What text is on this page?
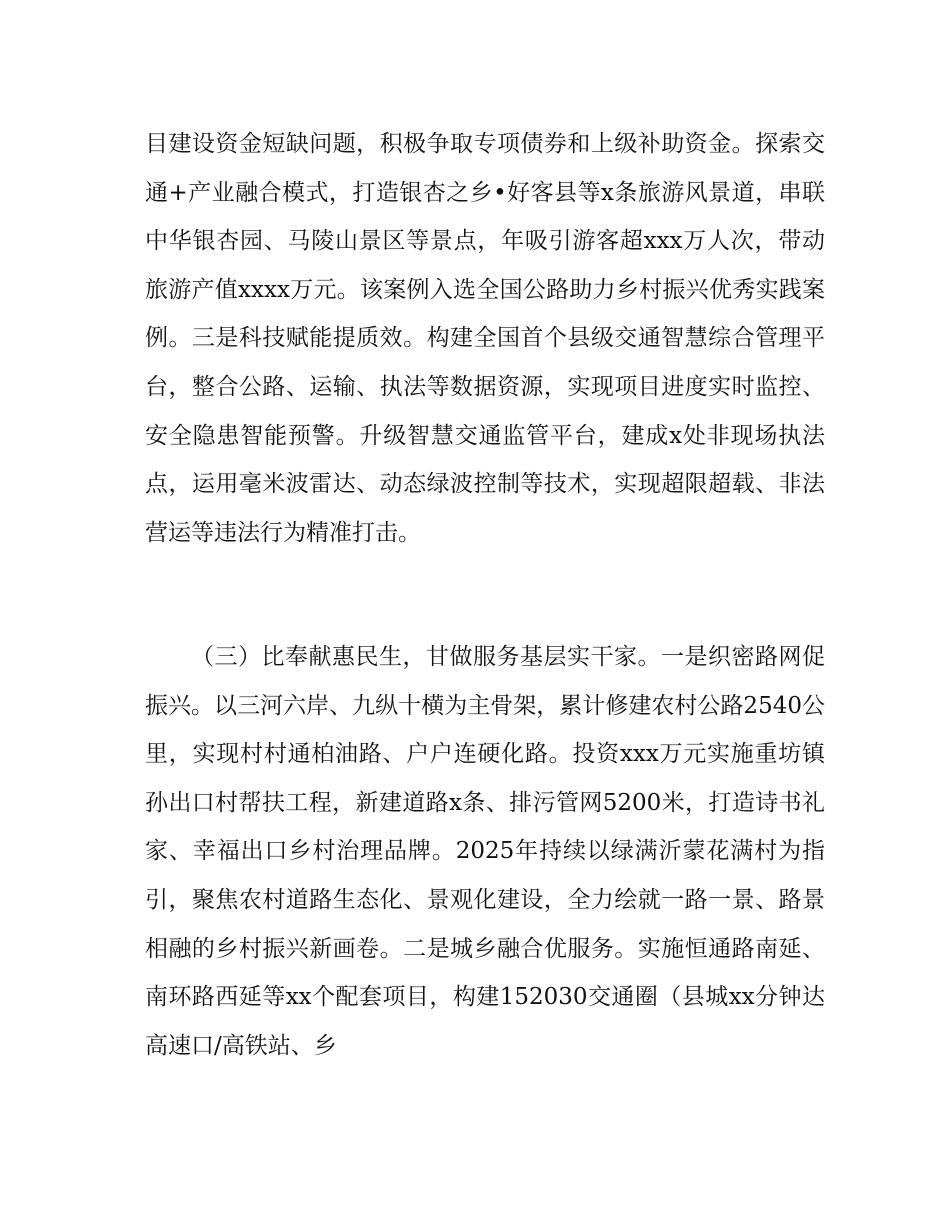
目建设资金短缺问题，积极争取专项债券和上级补助资金。探索交通+产业融合模式，打造银杏之乡•好客县等x条旅游风景道，串联中华银杏园、马陵山景区等景点，年吸引游客超xxx万人次，带动旅游产值xxxx万元。该案例入选全国公路助力乡村振兴优秀实践案例。三是科技赋能提质效。构建全国首个县级交通智慧综合管理平台，整合公路、运输、执法等数据资源，实现项目进度实时监控、安全隐患智能预警。升级智慧交通监管平台，建成x处非现场执法点，运用毫米波雷达、动态绿波控制等技术，实现超限超载、非法营运等违法行为精准打击。

（三）比奉献惠民生，甘做服务基层实干家。一是织密路网促振兴。以三河六岸、九纵十横为主骨架，累计修建农村公路2540公里，实现村村通柏油路、户户连硬化路。投资xxx万元实施重坊镇孙出口村帮扶工程，新建道路x条、排污管网5200米，打造诗书礼家、幸福出口乡村治理品牌。2025年持续以绿满沂蒙花满村为指引，聚焦农村道路生态化、景观化建设，全力绘就一路一景、路景相融的乡村振兴新画卷。二是城乡融合优服务。实施恒通路南延、南环路西延等xx个配套项目，构建152030交通圈（县城xx分钟达高速口/高铁站、乡
